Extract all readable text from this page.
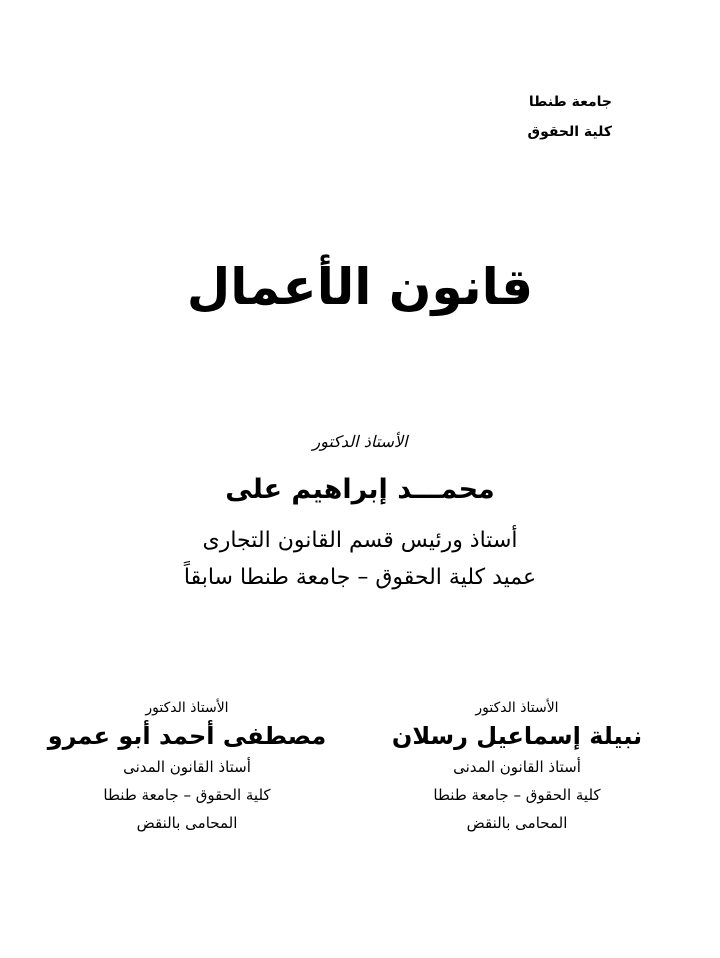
جامعة طنطا
كلية الحقوق
قانون الأعمال
الأستاذ الدكتور
محمـــد إبراهيم على
أستاذ ورئيس قسم القانون التجارى
عميد كلية الحقوق – جامعة طنطا سابقاً
الأستاذ الدكتور
نبيلة إسماعيل رسلان
أستاذ القانون المدنى
كلية الحقوق – جامعة طنطا
المحامى بالنقض
الأستاذ الدكتور
مصطفى أحمد أبو عمرو
أستاذ القانون المدنى
كلية الحقوق – جامعة طنطا
المحامى بالنقض
